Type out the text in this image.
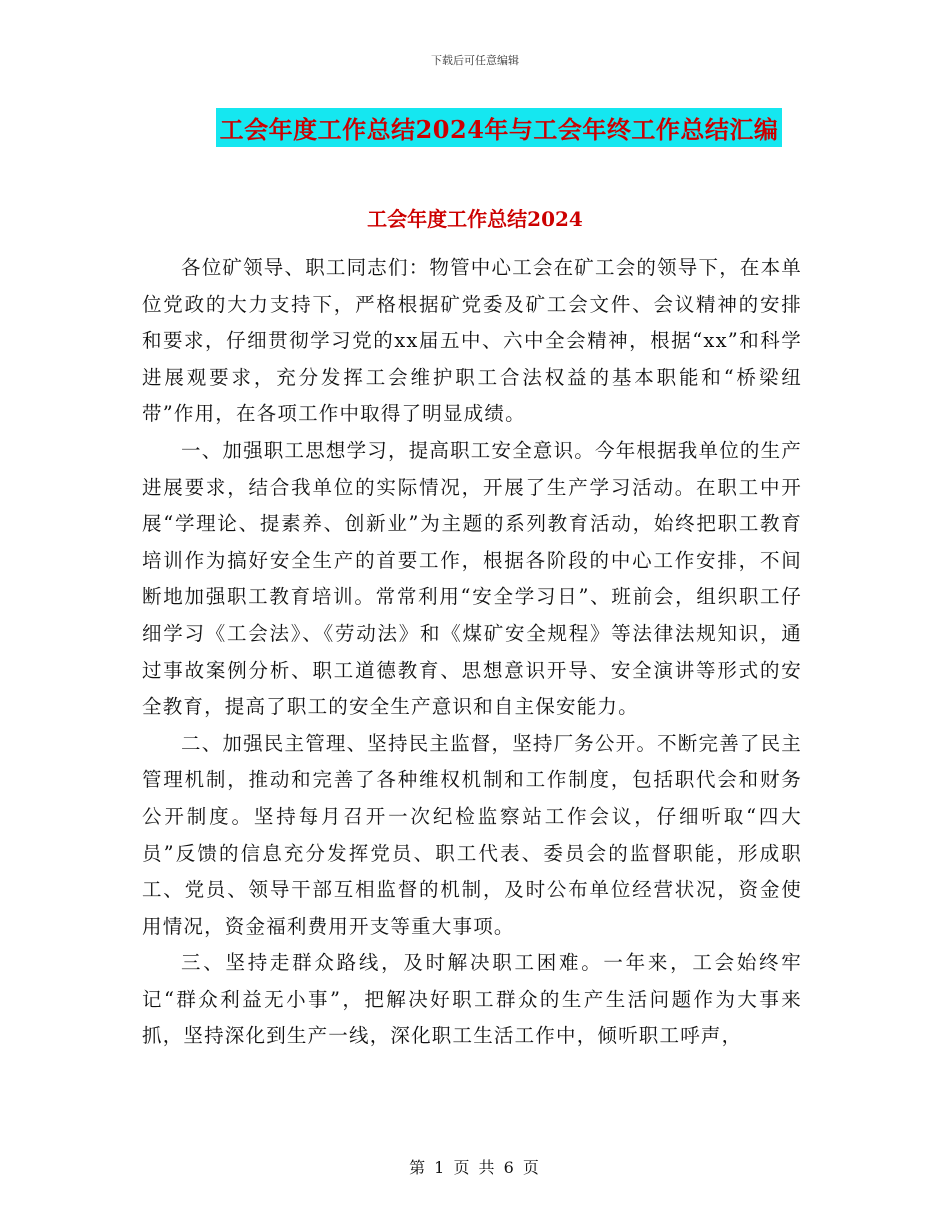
下载后可任意编辑
工会年度工作总结2024年与工会年终工作总结汇编
工会年度工作总结2024

各位矿领导、职工同志们：物管中心工会在矿工会的领导下，在本单位党政的大力支持下，严格根据矿党委及矿工会文件、会议精神的安排和要求，仔细贯彻学习党的xx届五中、六中全会精神，根据“xx”和科学进展观要求，充分发挥工会维护职工合法权益的基本职能和“桥梁纽带”作用，在各项工作中取得了明显成绩。

一、加强职工思想学习，提高职工安全意识。今年根据我单位的生产进展要求，结合我单位的实际情况，开展了生产学习活动。在职工中开展“学理论、提素养、创新业”为主题的系列教育活动，始终把职工教育培训作为搞好安全生产的首要工作，根据各阶段的中心工作安排，不间断地加强职工教育培训。常常利用“安全学习日”、班前会，组织职工仔细学习《工会法》、《劳动法》和《煤矿安全规程》等法律法规知识，通过事故案例分析、职工道德教育、思想意识开导、安全演讲等形式的安全教育，提高了职工的安全生产意识和自主保安能力。

二、加强民主管理、坚持民主监督，坚持厂务公开。不断完善了民主管理机制，推动和完善了各种维权机制和工作制度，包括职代会和财务公开制度。坚持每月召开一次纪检监察站工作会议，仔细听取“四大员”反馈的信息充分发挥党员、职工代表、委员会的监督职能，形成职工、党员、领导干部互相监督的机制，及时公布单位经营状况，资金使用情况，资金福利费用开支等重大事项。

三、坚持走群众路线，及时解决职工困难。一年来，工会始终牢记“群众利益无小事”，把解决好职工群众的生产生活问题作为大事来抓，坚持深化到生产一线，深化职工生活工作中，倾听职工呼声，

第 1 页 共 6 页
